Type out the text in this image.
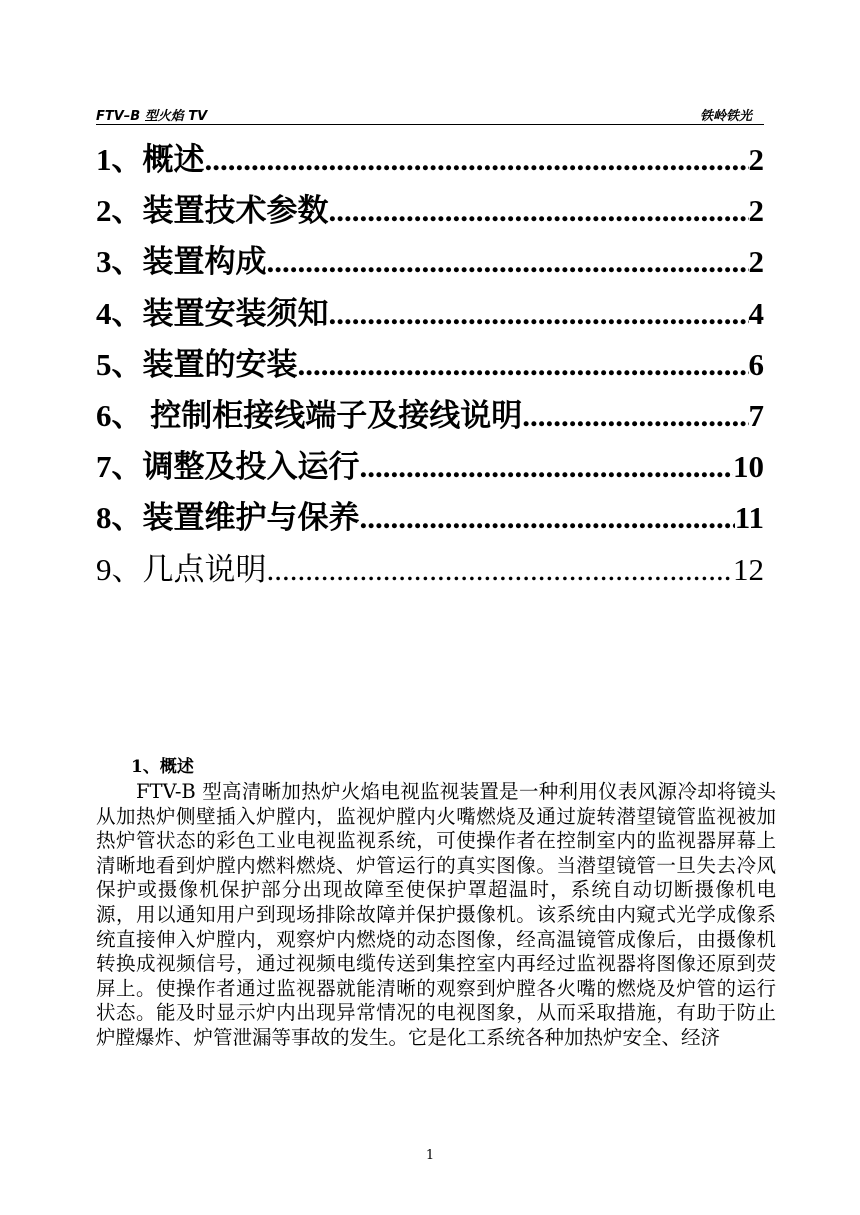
FTV–B 型火焰 TV	铁岭铁光
1、概述 .....	2
2、装置技术参数 .....	2
3、装置构成 .....	2
4、装置安装须知 .....	4
5、装置的安装 .....	6
6、 控制柜接线端子及接线说明 .....	7
7、调整及投入运行 .....	10
8、装置维护与保养 .....	11
9、几点说明 .....	12
1、概述

FTV-B 型高清晰加热炉火焰电视监视装置是一种利用仪表风源冷却将镜头从加热炉侧壁插入炉膛内，监视炉膛内火嘴燃烧及通过旋转潜望镜管监视被加热炉管状态的彩色工业电视监视系统，可使操作者在控制室内的监视器屏幕上清晰地看到炉膛内燃料燃烧、炉管运行的真实图像。当潜望镜管一旦失去冷风保护或摄像机保护部分出现故障至使保护罩超温时，系统自动切断摄像机电源，用以通知用户到现场排除故障并保护摄像机。该系统由内窥式光学成像系统直接伸入炉膛内，观察炉内燃烧的动态图像，经高温镜管成像后，由摄像机转换成视频信号，通过视频电缆传送到集控室内再经过监视器将图像还原到荧屏上。使操作者通过监视器就能清晰的观察到炉膛各火嘴的燃烧及炉管的运行状态。能及时显示炉内出现异常情况的电视图象，从而采取措施，有助于防止炉膛爆炸、炉管泄漏等事故的发生。它是化工系统各种加热炉安全、经济

1
